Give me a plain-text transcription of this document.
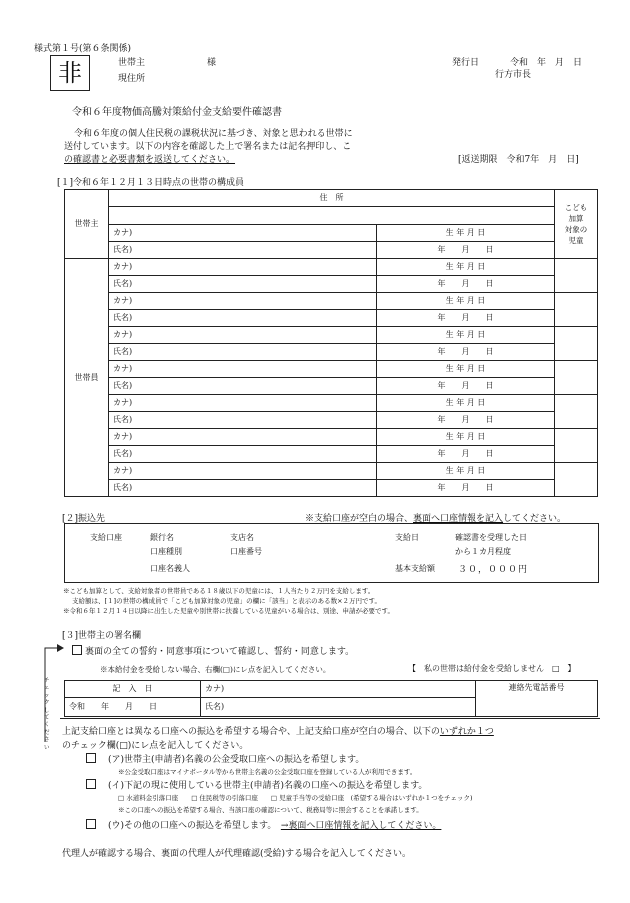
様式第１号(第６条関係)
非	世帯主	様
現住所
発行日	令和　年　月　日
行方市長
令和６年度物価高騰対策給付金支給要件確認書
令和６年度の個人住民税の課税状況に基づき、対象と思われる世帯に
送付しています。以下の内容を確認した上で署名または記名押印し、こ
の確認書と必要書類を返送してください。	[返送期限　令和7年　月　日]
[１]令和６年１２月１３日時点の世帯の構成員
世帯主	住　所		こども
加算
対象の
児童

	カナ)	生 年 月 日	
	氏名)	年　　月　　日	
世帯員	カナ)	生 年 月 日	
	氏名)	年　　月　　日	
	カナ)	生 年 月 日	
	氏名)	年　　月　　日	
	カナ)	生 年 月 日	
	氏名)	年　　月　　日	
	カナ)	生 年 月 日	
	氏名)	年　　月　　日	
	カナ)	生 年 月 日	
	氏名)	年　　月　　日	
	カナ)	生 年 月 日	
	氏名)	年　　月　　日	
	カナ)	生 年 月 日	
	氏名)	年　　月　　日	
[２]振込先	※支給口座が空白の場合、裏面へ口座情報を記入してください。
支給口座	銀行名	支店名
口座種別	口座番号
口座名義人
支給日	確認書を受理した日
から１カ月程度
基本支給額	３０，０００円
※こども加算として、支給対象者の世帯員である１８歳以下の児童には、１人当たり２万円を支給します。
支給額は、[１]の世帯の構成員で「こども加算対象の児童」の欄に「該当」と表示のある数×２万円です。
※令和６年１２月１４日以降に出生した児童や別世帯に扶養している児童がいる場合は、別途、申請が必要です。
[３]世帯主の署名欄
裏面の全ての誓約・同意事項について確認し、誓約・同意します。
※本給付金を受給しない場合、右欄(□)にレ点を記入してください。	【　私の世帯は給付金を受給しません　□　】
チェックしてください
記　入　日	カナ)	連絡先電話番号
令和　　年　　月　　日	氏名)	
上記支給口座とは異なる口座への振込を希望する場合や、上記支給口座が空白の場合、以下のいずれか１つ
のチェック欄(□)にレ点を記入してください。
　(ア)世帯主(申請者)名義の公金受取口座への振込を希望します。
※公金受取口座はマイナポータル等から世帯主名義の公金受取口座を登録している人が利用できます。
　(イ)下記の現に使用している世帯主(申請者)名義の口座への振込を希望します。
□ 水道料金引落口座　　□ 住民税等の引落口座　　□ 児童手当等の受給口座　(希望する場合はいずれか１つをチェック)
※この口座への振込を希望する場合、当該口座の確認について、税務局等に照会することを承諾します。
　(ウ)その他の口座への振込を希望します。　 →裏面へ口座情報を記入してください。
代理人が確認する場合、裏面の代理人が代理確認(受給)する場合を記入してください。
